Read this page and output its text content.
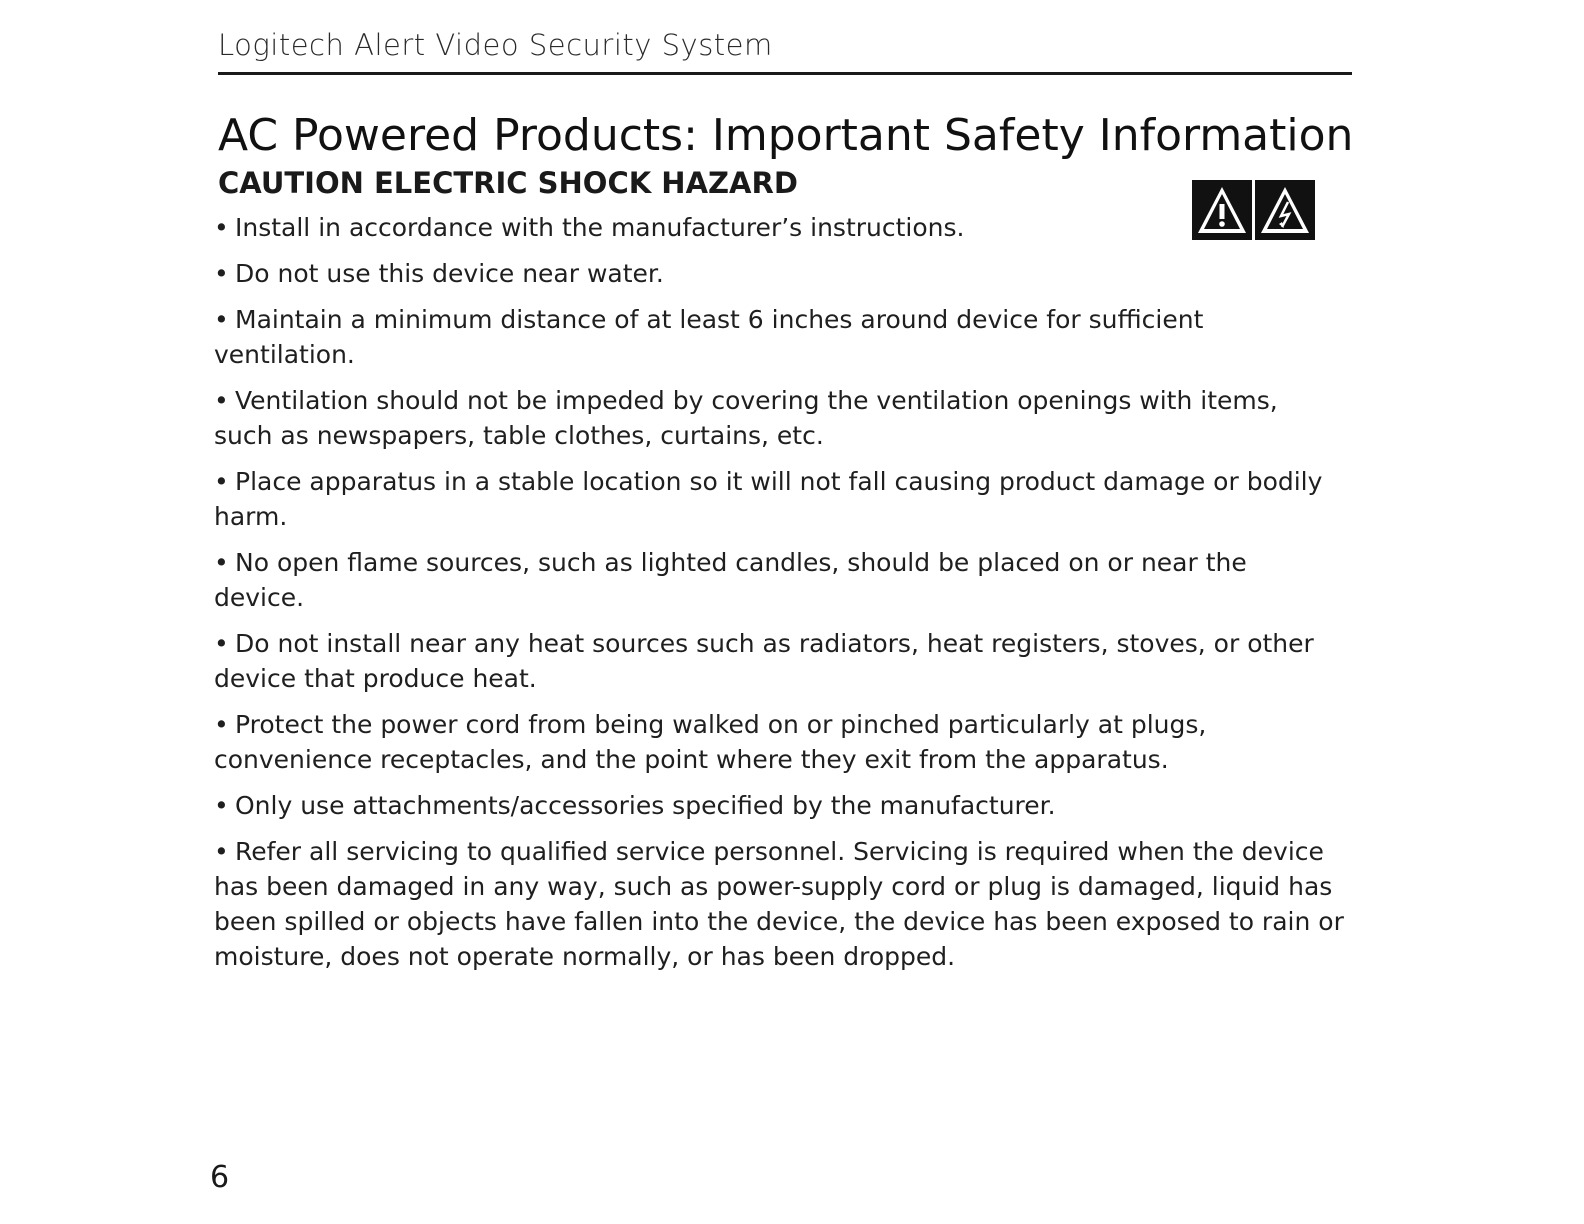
Logitech Alert Video Security System
AC Powered Products: Important Safety Information
CAUTION ELECTRIC SHOCK HAZARD
• Install in accordance with the manufacturer’s instructions.
• Do not use this device near water.
• Maintain a minimum distance of at least 6 inches around device for sufficient ventilation.
• Ventilation should not be impeded by covering the ventilation openings with items, such as newspapers, table clothes, curtains, etc.
• Place apparatus in a stable location so it will not fall causing product damage or bodily harm.
• No open flame sources, such as lighted candles, should be placed on or near the device.
• Do not install near any heat sources such as radiators, heat registers, stoves, or other device that produce heat.
• Protect the power cord from being walked on or pinched particularly at plugs, convenience receptacles, and the point where they exit from the apparatus.
• Only use attachments/accessories specified by the manufacturer.
• Refer all servicing to qualified service personnel. Servicing is required when the device has been damaged in any way, such as power-supply cord or plug is damaged, liquid has been spilled or objects have fallen into the device, the device has been exposed to rain or moisture, does not operate normally, or has been dropped.
6
